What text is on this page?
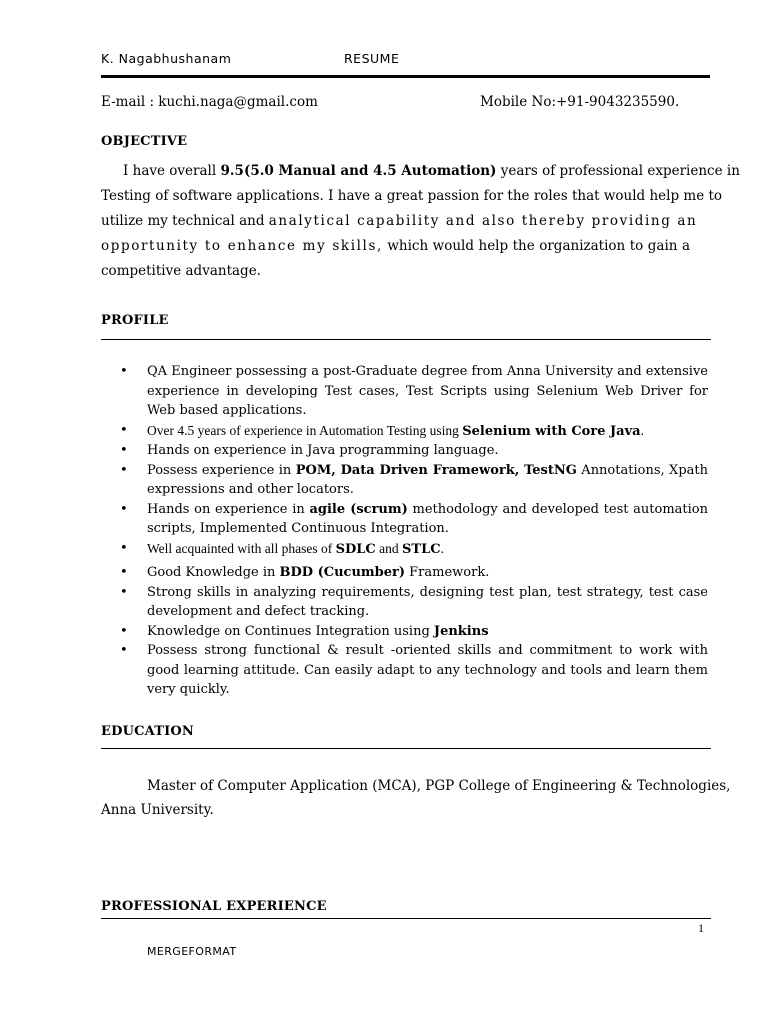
K. Nagabhushanam	RESUME
E-mail : kuchi.naga@gmail.com	Mobile No:+91-9043235590.
OBJECTIVE
I have overall 9.5(5.0 Manual and 4.5 Automation) years of professional experience in
Testing of software applications. I have a great passion for the roles that would help me to
utilize my technical and analytical capability and also thereby providing an
opportunity to enhance my skills, which would help the organization to gain a
competitive advantage.
PROFILE
• QA Engineer possessing a post-Graduate degree from Anna University and extensive experience in developing Test cases, Test Scripts using Selenium Web Driver for Web based applications.
• Over 4.5 years of experience in Automation Testing using Selenium with Core Java.
• Hands on experience in Java programming language.
• Possess experience in POM, Data Driven Framework, TestNG Annotations, Xpath expressions and other locators.
• Hands on experience in agile (scrum) methodology and developed test automation scripts, Implemented Continuous Integration.
• Well acquainted with all phases of SDLC and STLC.
• Good Knowledge in BDD (Cucumber) Framework.
• Strong skills in analyzing requirements, designing test plan, test strategy, test case development and defect tracking.
• Knowledge on Continues Integration using Jenkins
• Possess strong functional & result -oriented skills and commitment to work with good learning attitude. Can easily adapt to any technology and tools and learn them very quickly.
EDUCATION
Master of Computer Application (MCA), PGP College of Engineering & Technologies,
Anna University.
PROFESSIONAL EXPERIENCE
1
MERGEFORMAT
